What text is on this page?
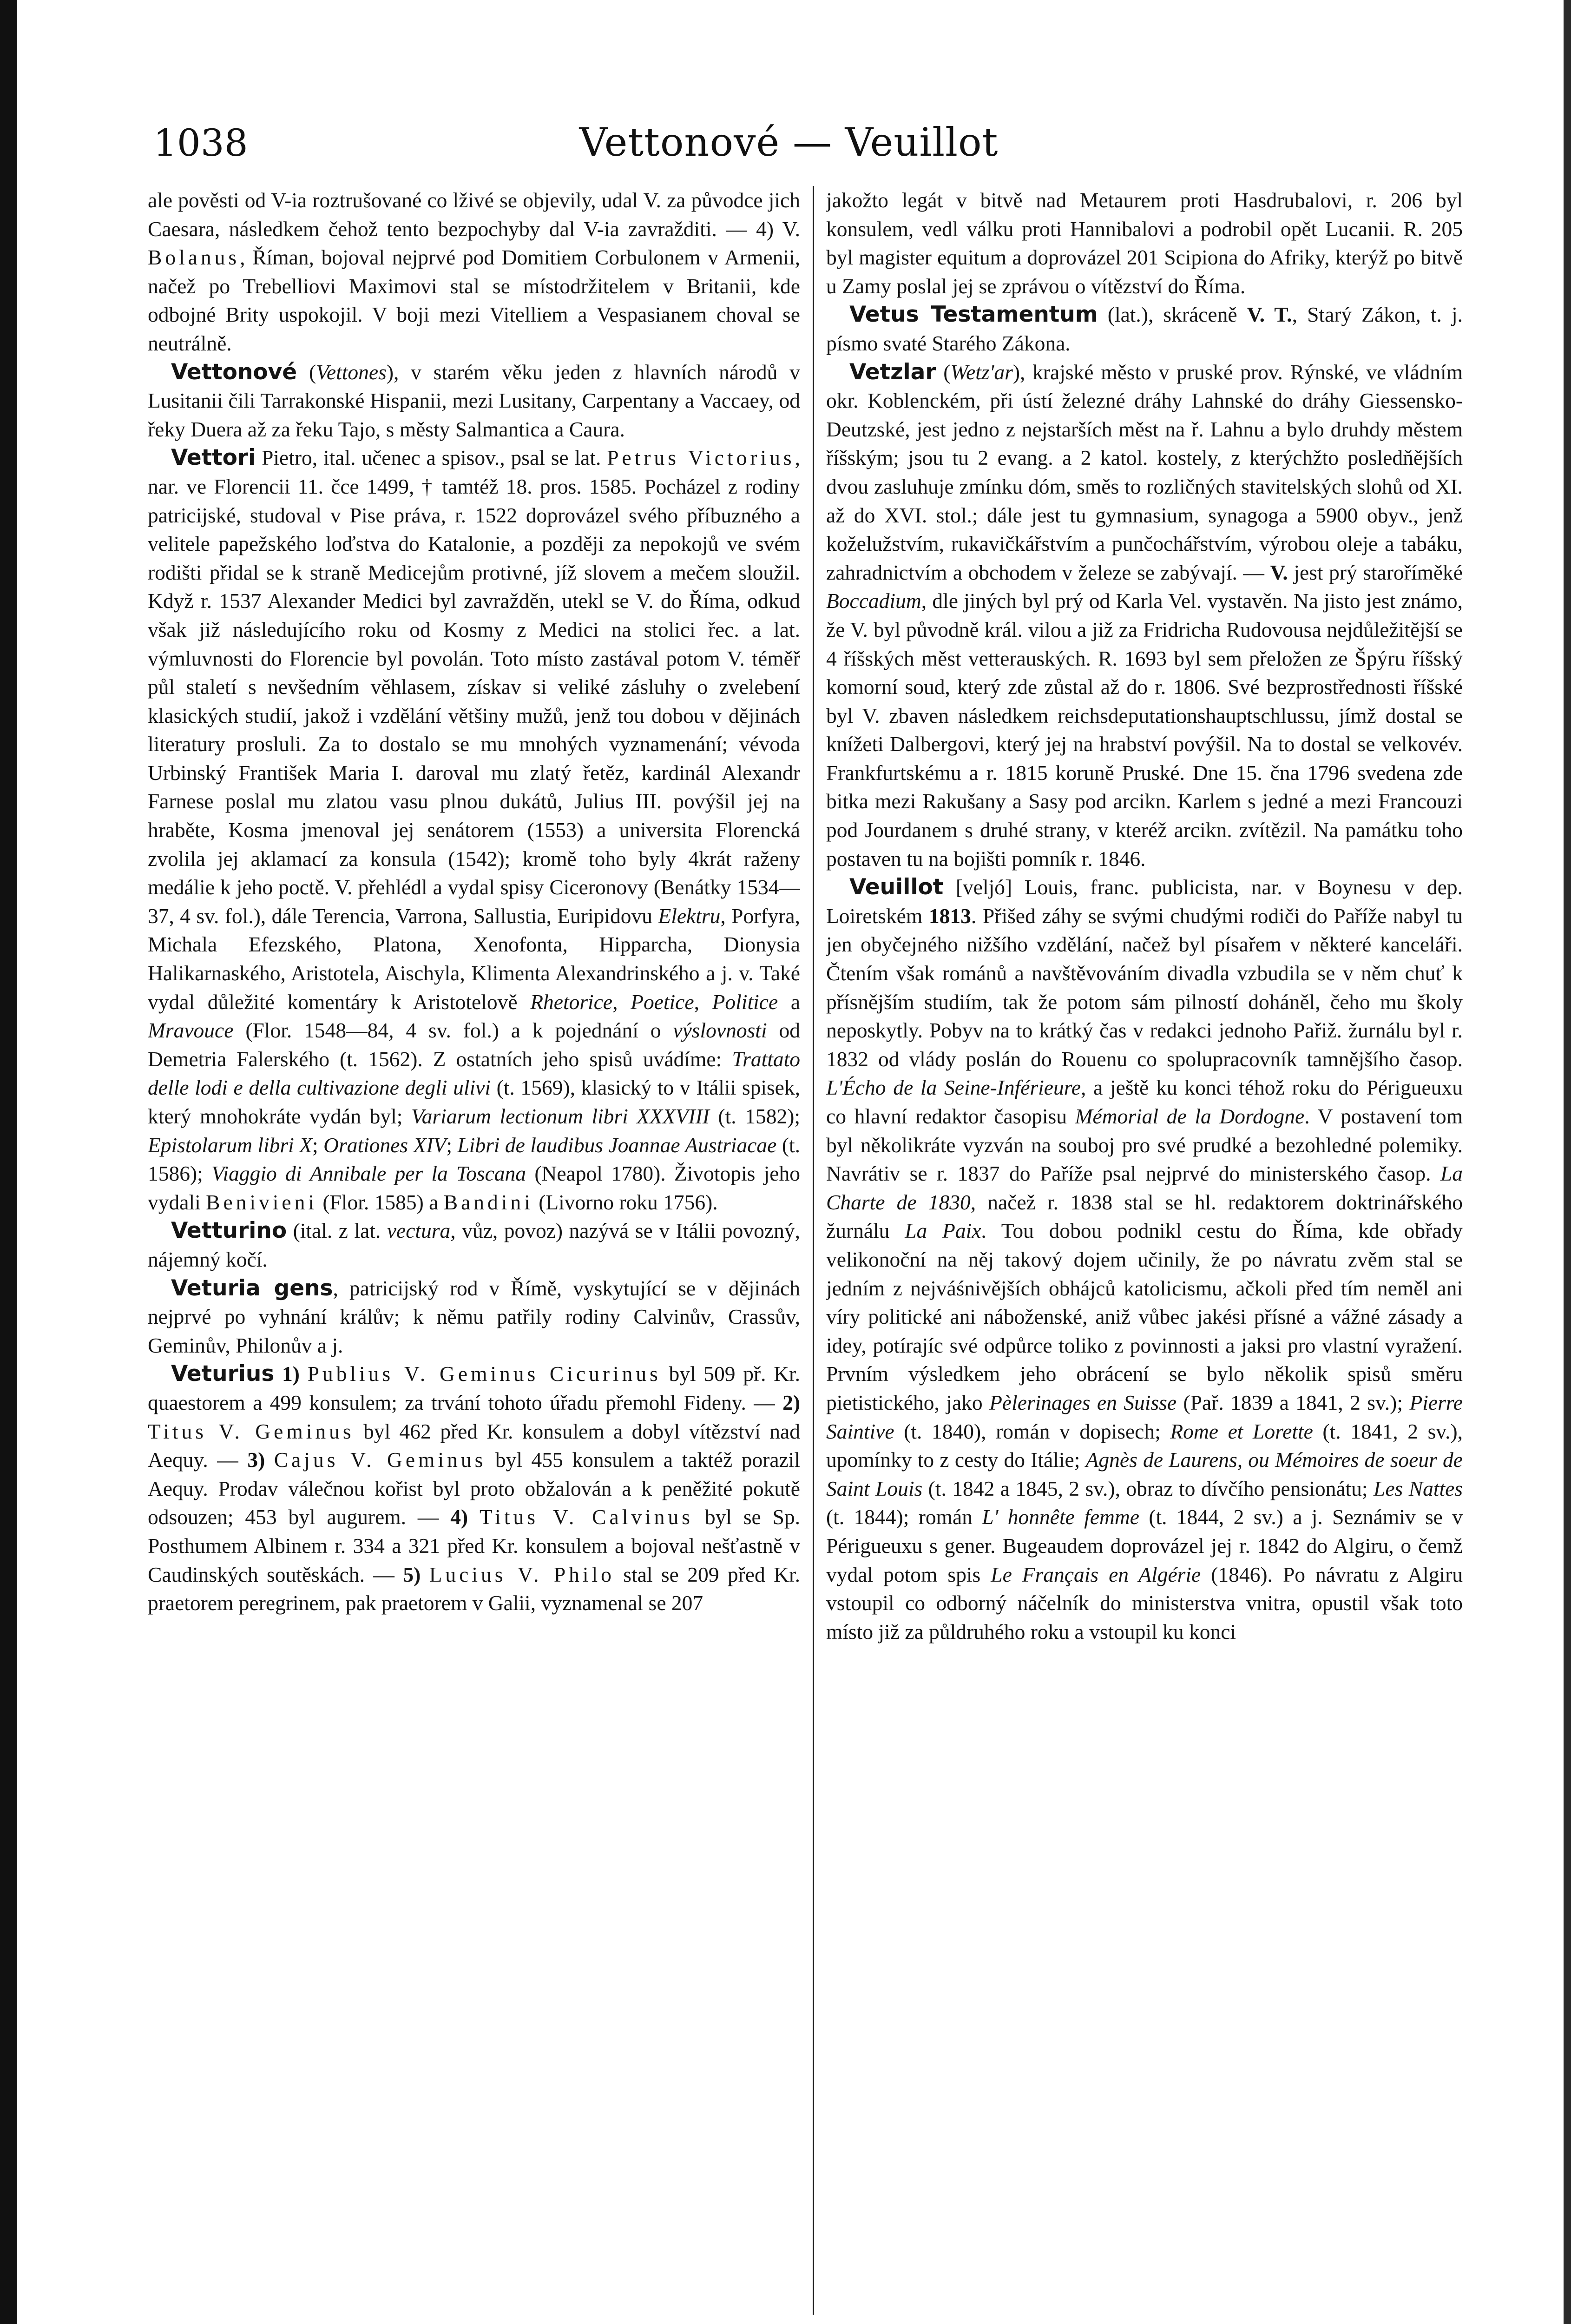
1038	Vettonové — Veuillot

ale pověsti od V-ia roztrušované co lživé se objevily, udal V. za původce jich Caesara, následkem čehož tento bezpochyby dal V-ia zavražditi. — 4) V. Bolanus, Říman, bojoval nejprvé pod Domitiem Corbulonem v Armenii, načež po Trebelliovi Maximovi stal se místodržitelem v Britanii, kde odbojné Brity uspokojil. V boji mezi Vitelliem a Vespasianem choval se neutrálně.

Vettonové (Vettones), v starém věku jeden z hlavních národů v Lusitanii čili Tarrakonské Hispanii, mezi Lusitany, Carpentany a Vaccaey, od řeky Duera až za řeku Tajo, s městy Salmantica a Caura.

Vettori Pietro, ital. učenec a spisov., psal se lat. Petrus Victorius, nar. ve Florencii 11. čce 1499, † tamtéž 18. pros. 1585. Pocházel z rodiny patricijské, studoval v Pise práva, r. 1522 doprovázel svého příbuzného a velitele papežského loďstva do Katalonie, a později za nepokojů ve svém rodišti přidal se k straně Medicejům protivné, jíž slovem a mečem sloužil. Když r. 1537 Alexander Medici byl zavražděn, utekl se V. do Říma, odkud však již následujícího roku od Kosmy z Medici na stolici řec. a lat. výmluvnosti do Florencie byl povolán. Toto místo zastával potom V. téměř půl staletí s nevšedním věhlasem, získav si veliké zásluhy o zvelebení klasických studií, jakož i vzdělání většiny mužů, jenž tou dobou v dějinách literatury prosluli. Za to dostalo se mu mnohých vyznamenání; vévoda Urbinský František Maria I. daroval mu zlatý řetěz, kardinál Alexandr Farnese poslal mu zlatou vasu plnou dukátů, Julius III. povýšil jej na hraběte, Kosma jmenoval jej senátorem (1553) a universita Florencká zvolila jej aklamací za konsula (1542); kromě toho byly 4krát raženy medálie k jeho poctě. V. přehlédl a vydal spisy Ciceronovy (Benátky 1534—37, 4 sv. fol.), dále Terencia, Varrona, Sallustia, Euripidovu Elektru, Porfyra, Michala Efezského, Platona, Xenofonta, Hipparcha, Dionysia Halikarnaského, Aristotela, Aischyla, Klimenta Alexandrinského a j. v. Také vydal důležité komentáry k Aristotelově Rhetorice, Poetice, Politice a Mravouce (Flor. 1548—84, 4 sv. fol.) a k pojednání o výslovnosti od Demetria Falerského (t. 1562). Z ostatních jeho spisů uvádíme: Trattato delle lodi e della cultivazione degli ulivi (t. 1569), klasický to v Itálii spisek, který mnohokráte vydán byl; Variarum lectionum libri XXXVIII (t. 1582); Epistolarum libri X; Orationes XIV; Libri de laudibus Joannae Austriacae (t. 1586); Viaggio di Annibale per la Toscana (Neapol 1780). Životopis jeho vydali Benivieni (Flor. 1585) a Bandini (Livorno roku 1756).

Vetturino (ital. z lat. vectura, vůz, povoz) nazývá se v Itálii povozný, nájemný kočí.

Veturia gens, patricijský rod v Římě, vyskytující se v dějinách nejprvé po vyhnání králův; k němu patřily rodiny Calvinův, Crassův, Geminův, Philonův a j.

Veturius 1) Publius V. Geminus Cicurinus byl 509 př. Kr. quaestorem a 499 konsulem; za trvání tohoto úřadu přemohl Fideny. — 2) Titus V. Geminus byl 462 před Kr. konsulem a dobyl vítězství nad Aequy. — 3) Cajus V. Geminus byl 455 konsulem a taktéž porazil Aequy. Prodav válečnou kořist byl proto obžalován a k peněžité pokutě odsouzen; 453 byl augurem. — 4) Titus V. Calvinus byl se Sp. Posthumem Albinem r. 334 a 321 před Kr. konsulem a bojoval nešťastně v Caudinských soutěskách. — 5) Lucius V. Philo stal se 209 před Kr. praetorem peregrinem, pak praetorem v Galii, vyznamenal se 207

jakožto legát v bitvě nad Metaurem proti Hasdrubalovi, r. 206 byl konsulem, vedl válku proti Hannibalovi a podrobil opět Lucanii. R. 205 byl magister equitum a doprovázel 201 Scipiona do Afriky, kterýž po bitvě u Zamy poslal jej se zprávou o vítězství do Říma.

Vetus Testamentum (lat.), skráceně V. T., Starý Zákon, t. j. písmo svaté Starého Zákona.

Vetzlar (Wetz'ar), krajské město v pruské prov. Rýnské, ve vládním okr. Koblenckém, při ústí železné dráhy Lahnské do dráhy Giessensko-Deutzské, jest jedno z nejstarších měst na ř. Lahnu a bylo druhdy městem říšským; jsou tu 2 evang. a 2 katol. kostely, z kterýchžto posledňějších dvou zasluhuje zmínku dóm, směs to rozličných stavitelských slohů od XI. až do XVI. stol.; dále jest tu gymnasium, synagoga a 5900 obyv., jenž koželužstvím, rukavičkářstvím a punčochářstvím, výrobou oleje a tabáku, zahradnictvím a obchodem v železe se zabývají. — V. jest prý staroříměké Boccadium, dle jiných byl prý od Karla Vel. vystavěn. Na jisto jest známo, že V. byl původně král. vilou a již za Fridricha Rudovousa nejdůležitější se 4 říšských měst vetterauských. R. 1693 byl sem přeložen ze Špýru říšský komorní soud, který zde zůstal až do r. 1806. Své bezprostřednosti říšské byl V. zbaven následkem reichsdeputationshauptschlussu, jímž dostal se knížeti Dalbergovi, který jej na hrabství povýšil. Na to dostal se velkovév. Frankfurtskému a r. 1815 koruně Pruské. Dne 15. čna 1796 svedena zde bitka mezi Rakušany a Sasy pod arcikn. Karlem s jedné a mezi Francouzi pod Jourdanem s druhé strany, v kteréž arcikn. zvítězil. Na památku toho postaven tu na bojišti pomník r. 1846.

Veuillot [veljó] Louis, franc. publicista, nar. v Boynesu v dep. Loiretském 1813. Přišed záhy se svými chudými rodiči do Paříže nabyl tu jen obyčejného nižšího vzdělání, načež byl písařem v některé kanceláři. Čtením však románů a navštěvováním divadla vzbudila se v něm chuť k přísnějším studiím, tak že potom sám pilností doháněl, čeho mu školy neposkytly. Pobyv na to krátký čas v redakci jednoho Pařiž. žurnálu byl r. 1832 od vlády poslán do Rouenu co spolupracovník tamnějšího časop. L'Écho de la Seine-Inférieure, a ještě ku konci téhož roku do Périgueuxu co hlavní redaktor časopisu Mémorial de la Dordogne. V postavení tom byl několikráte vyzván na souboj pro své prudké a bezohledné polemiky. Navrátiv se r. 1837 do Paříže psal nejprvé do ministerského časop. La Charte de 1830, načež r. 1838 stal se hl. redaktorem doktrinářského žurnálu La Paix. Tou dobou podnikl cestu do Říma, kde obřady velikonoční na něj takový dojem učinily, že po návratu zvěm stal se jedním z nejváśnivějších obhájců katolicismu, ačkoli před tím neměl ani víry politické ani náboženské, aniž vůbec jakési přísné a vážné zásady a idey, potírajíc své odpůrce toliko z povinnosti a jaksi pro vlastní vyražení. Prvním výsledkem jeho obrácení se bylo několik spisů směru pietistického, jako Pèlerinages en Suisse (Pař. 1839 a 1841, 2 sv.); Pierre Saintive (t. 1840), román v dopisech; Rome et Lorette (t. 1841, 2 sv.), upomínky to z cesty do Itálie; Agnès de Laurens, ou Mémoires de soeur de Saint Louis (t. 1842 a 1845, 2 sv.), obraz to dívčího pensionátu; Les Nattes (t. 1844); román L' honnête femme (t. 1844, 2 sv.) a j. Seznámiv se v Périgueuxu s gener. Bugeaudem doprovázel jej r. 1842 do Algiru, o čemž vydal potom spis Le Français en Algérie (1846). Po návratu z Algiru vstoupil co odborný náčelník do ministerstva vnitra, opustil však toto místo již za půldruhého roku a vstoupil ku konci
